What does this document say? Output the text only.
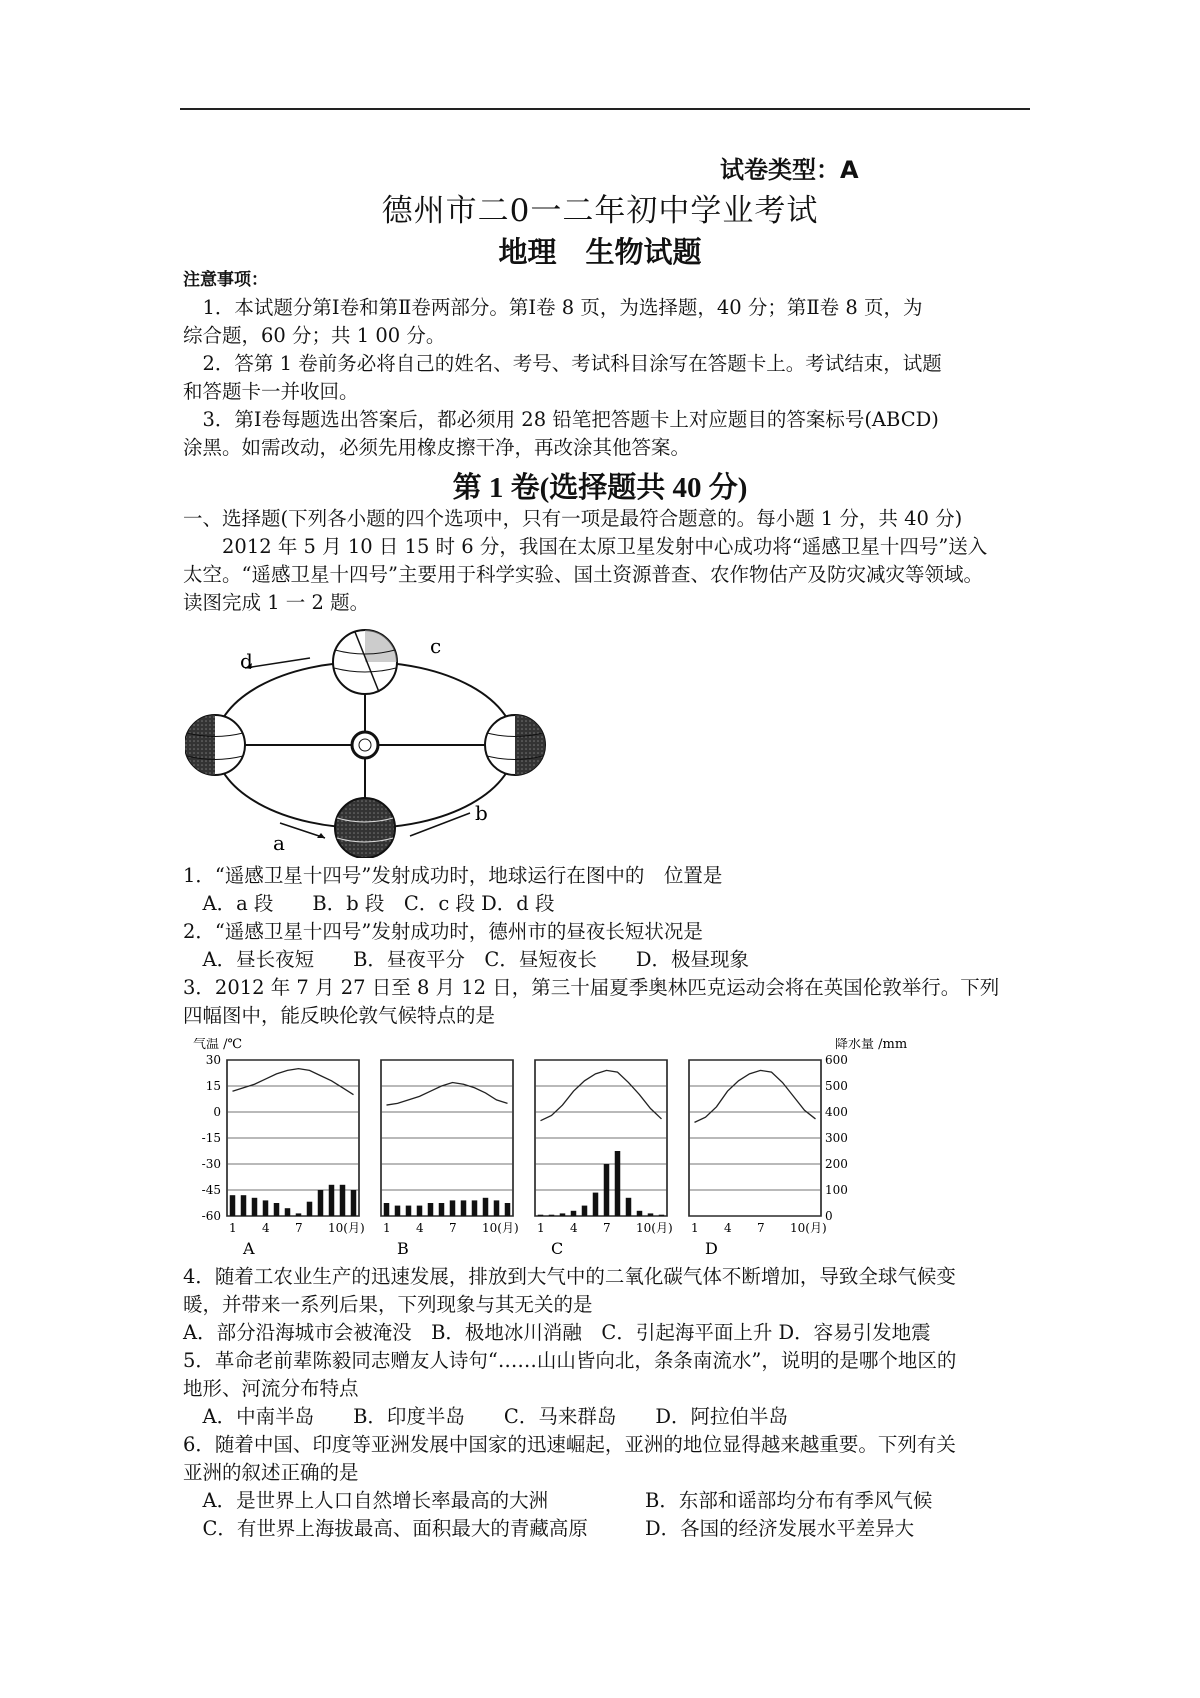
试卷类型：A
德州市二0一二年初中学业考试
地理　生物试题
注意事项：
　1．本试题分第Ⅰ卷和第Ⅱ卷两部分。第Ⅰ卷 8 页，为选择题，40 分；第Ⅱ卷 8 页，为
综合题，60 分；共 1 00 分。
　2．答第 1 卷前务必将自己的姓名、考号、考试科目涂写在答题卡上。考试结束，试题
和答题卡一并收回。
　3．第Ⅰ卷每题选出答案后，都必须用 28 铅笔把答题卡上对应题目的答案标号(ABCD)
涂黑。如需改动，必须先用橡皮擦干净，再改涂其他答案。
第 1 卷(选择题共 40 分)
一、选择题(下列各小题的四个选项中，只有一项是最符合题意的。每小题 1 分，共 40 分)
　　2012 年 5 月 10 日 15 时 6 分，我国在太原卫星发射中心成功将“遥感卫星十四号”送入
太空。“遥感卫星十四号”主要用于科学实验、国土资源普查、农作物估产及防灾减灾等领域。
读图完成 1 一 2 题。
d
c
b
a
1．“遥感卫星十四号”发射成功时，地球运行在图中的　位置是
　A．a 段　　B．b 段　C．c 段 D．d 段
2．“遥感卫星十四号”发射成功时，德州市的昼夜长短状况是
　A．昼长夜短　　B．昼夜平分　C．昼短夜长　　D．极昼现象
3．2012 年 7 月 27 日至 8 月 12 日，第三十届夏季奥林匹克运动会将在英国伦敦举行。下列
四幅图中，能反映伦敦气候特点的是
气温 /℃	降水量 /mm
30
15
0
-15
-30
-45
-60
600
500
400
300
200
100
0
1 4 7 10(月)
A
1 4 7 10(月)
B
1 4 7 10(月)
C
1 4 7 10(月)
D
4．随着工农业生产的迅速发展，排放到大气中的二氧化碳气体不断增加，导致全球气候变
暖，并带来一系列后果，下列现象与其无关的是
A．部分沿海城市会被淹没　B．极地冰川消融　C．引起海平面上升 D．容易引发地震
5．革命老前辈陈毅同志赠友人诗句“……山山皆向北，条条南流水”，说明的是哪个地区的
地形、河流分布特点
　A．中南半岛　　B．印度半岛　　C．马来群岛　　D．阿拉伯半岛
6．随着中国、印度等亚洲发展中国家的迅速崛起，亚洲的地位显得越来越重要。下列有关
亚洲的叙述正确的是
　A．是世界上人口自然增长率最高的大洲	B．东部和谣部均分布有季风气候
　C．有世界上海拔最高、面积最大的青藏高原	D．各国的经济发展水平差异大
